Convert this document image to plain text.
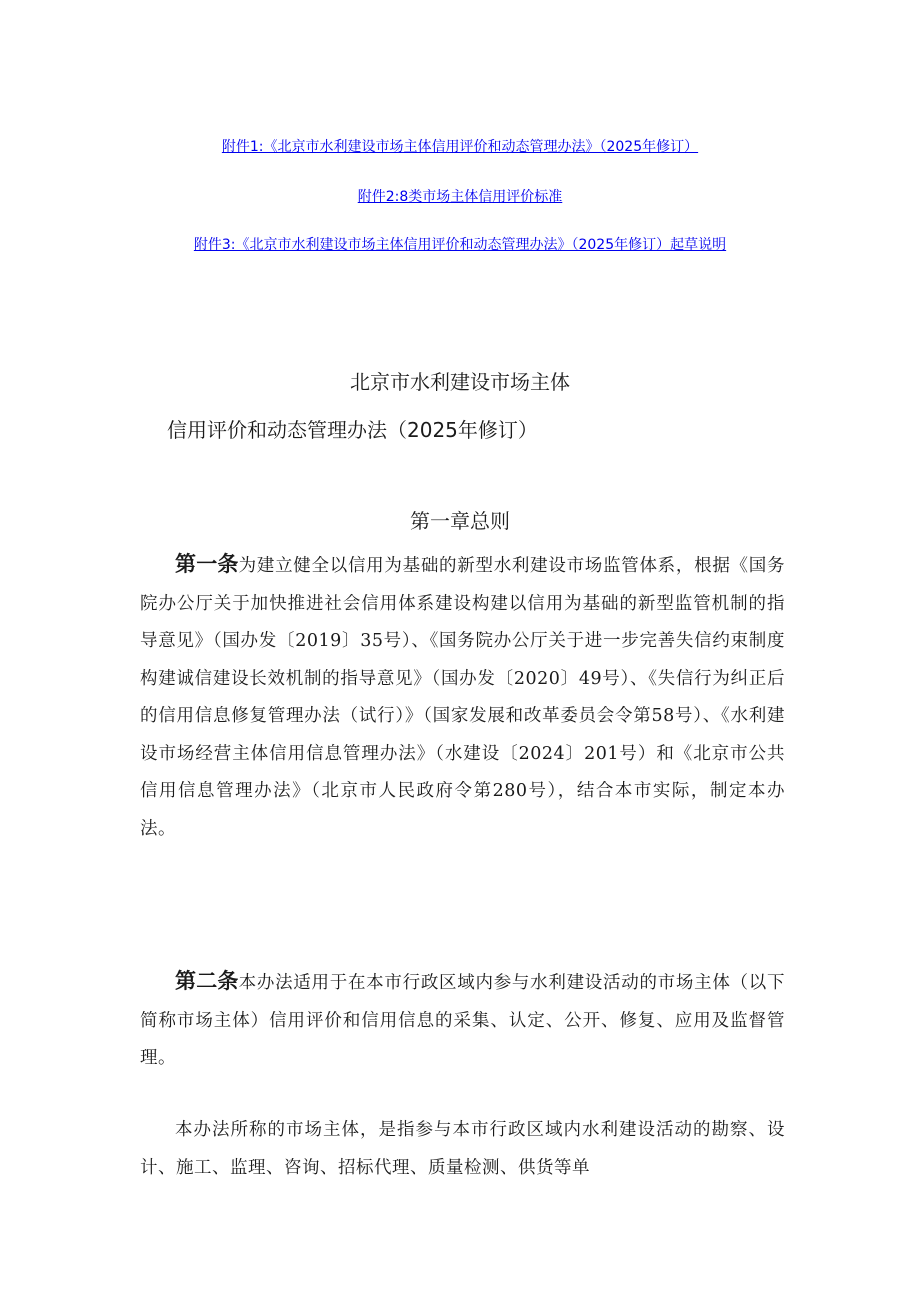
附件1:《北京市水利建设市场主体信用评价和动态管理办法》（2025年修订）
附件2:8类市场主体信用评价标准
附件3:《北京市水利建设市场主体信用评价和动态管理办法》（2025年修订）起草说明
北京市水利建设市场主体
信用评价和动态管理办法（2025年修订）
第一章总则

第一条为建立健全以信用为基础的新型水利建设市场监管体系，根据《国务院办公厅关于加快推进社会信用体系建设构建以信用为基础的新型监管机制的指导意见》（国办发〔2019〕35号）、《国务院办公厅关于进一步完善失信约束制度构建诚信建设长效机制的指导意见》（国办发〔2020〕49号）、《失信行为纠正后的信用信息修复管理办法（试行）》（国家发展和改革委员会令第58号）、《水利建设市场经营主体信用信息管理办法》（水建设〔2024〕201号）和《北京市公共信用信息管理办法》（北京市人民政府令第280号），结合本市实际，制定本办法。

第二条本办法适用于在本市行政区域内参与水利建设活动的市场主体（以下简称市场主体）信用评价和信用信息的采集、认定、公开、修复、应用及监督管理。

本办法所称的市场主体，是指参与本市行政区域内水利建设活动的勘察、设计、施工、监理、咨询、招标代理、质量检测、供货等单
